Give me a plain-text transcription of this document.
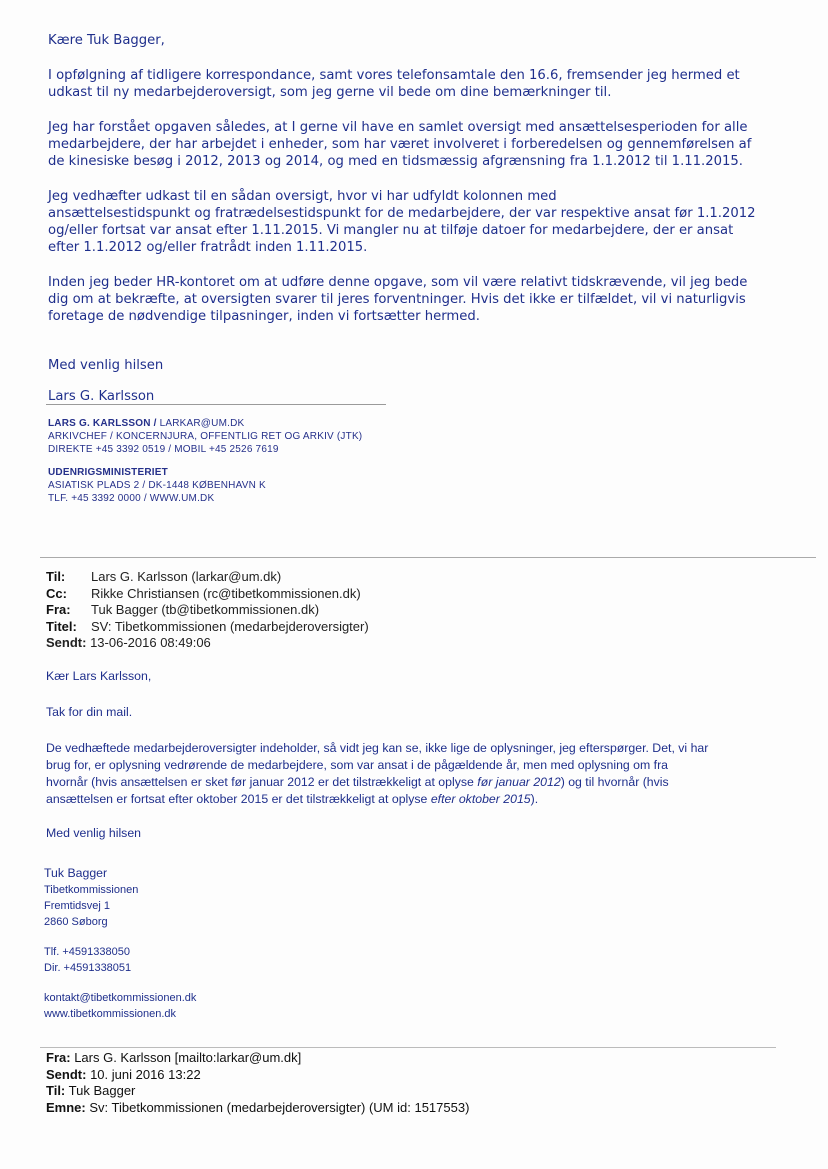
Kære Tuk Bagger,

I opfølgning af tidligere korrespondance, samt vores telefonsamtale den 16.6, fremsender jeg hermed et

udkast til ny medarbejderoversigt, som jeg gerne vil bede om dine bemærkninger til.

Jeg har forstået opgaven således, at I gerne vil have en samlet oversigt med ansættelsesperioden for alle

medarbejdere, der har arbejdet i enheder, som har været involveret i forberedelsen og gennemførelsen af

de kinesiske besøg i 2012, 2013 og 2014, og med en tidsmæssig afgrænsning fra 1.1.2012 til 1.11.2015.

Jeg vedhæfter udkast til en sådan oversigt, hvor vi har udfyldt kolonnen med

ansættelsestidspunkt og fratrædelsestidspunkt for de medarbejdere, der var respektive ansat før 1.1.2012

og/eller fortsat var ansat efter 1.11.2015. Vi mangler nu at tilføje datoer for medarbejdere, der er ansat

efter 1.1.2012 og/eller fratrådt inden 1.11.2015.

Inden jeg beder HR-kontoret om at udføre denne opgave, som vil være relativt tidskrævende, vil jeg bede

dig om at bekræfte, at oversigten svarer til jeres forventninger. Hvis det ikke er tilfældet, vil vi naturligvis

foretage de nødvendige tilpasninger, inden vi fortsætter hermed.

Med venlig hilsen

Lars G. Karlsson

LARS G. KARLSSON / LARKAR@UM.DK
ARKIVCHEF / KONCERNJURA, OFFENTLIG RET OG ARKIV (JTK)
DIREKTE +45 3392 0519 / MOBIL +45 2526 7619
UDENRIGSMINISTERIET
ASIATISK PLADS 2 / DK-1448 KØBENHAVN K
TLF. +45 3392 0000 / WWW.UM.DK
Til: Lars G. Karlsson (larkar@um.dk)
Cc: Rikke Christiansen (rc@tibetkommissionen.dk)
Fra: Tuk Bagger (tb@tibetkommissionen.dk)
Titel: SV: Tibetkommissionen (medarbejderoversigter)
Sendt: 13-06-2016 08:49:06

Kær Lars Karlsson,

Tak for din mail.

De vedhæftede medarbejderoversigter indeholder, så vidt jeg kan se, ikke lige de oplysninger, jeg efterspørger. Det, vi har

brug for, er oplysning vedrørende de medarbejdere, som var ansat i de pågældende år, men med oplysning om fra

hvornår (hvis ansættelsen er sket før januar 2012 er det tilstrækkeligt at oplyse før januar 2012) og til hvornår (hvis

ansættelsen er fortsat efter oktober 2015 er det tilstrækkeligt at oplyse efter oktober 2015).

Med venlig hilsen

Tuk Bagger
Tibetkommissionen
Fremtidsvej 1
2860 Søborg
Tlf. +4591338050
Dir. +4591338051
kontakt@tibetkommissionen.dk
www.tibetkommissionen.dk
Fra: Lars G. Karlsson [mailto:larkar@um.dk]
Sendt: 10. juni 2016 13:22
Til: Tuk Bagger
Emne: Sv: Tibetkommissionen (medarbejderoversigter) (UM id: 1517553)
